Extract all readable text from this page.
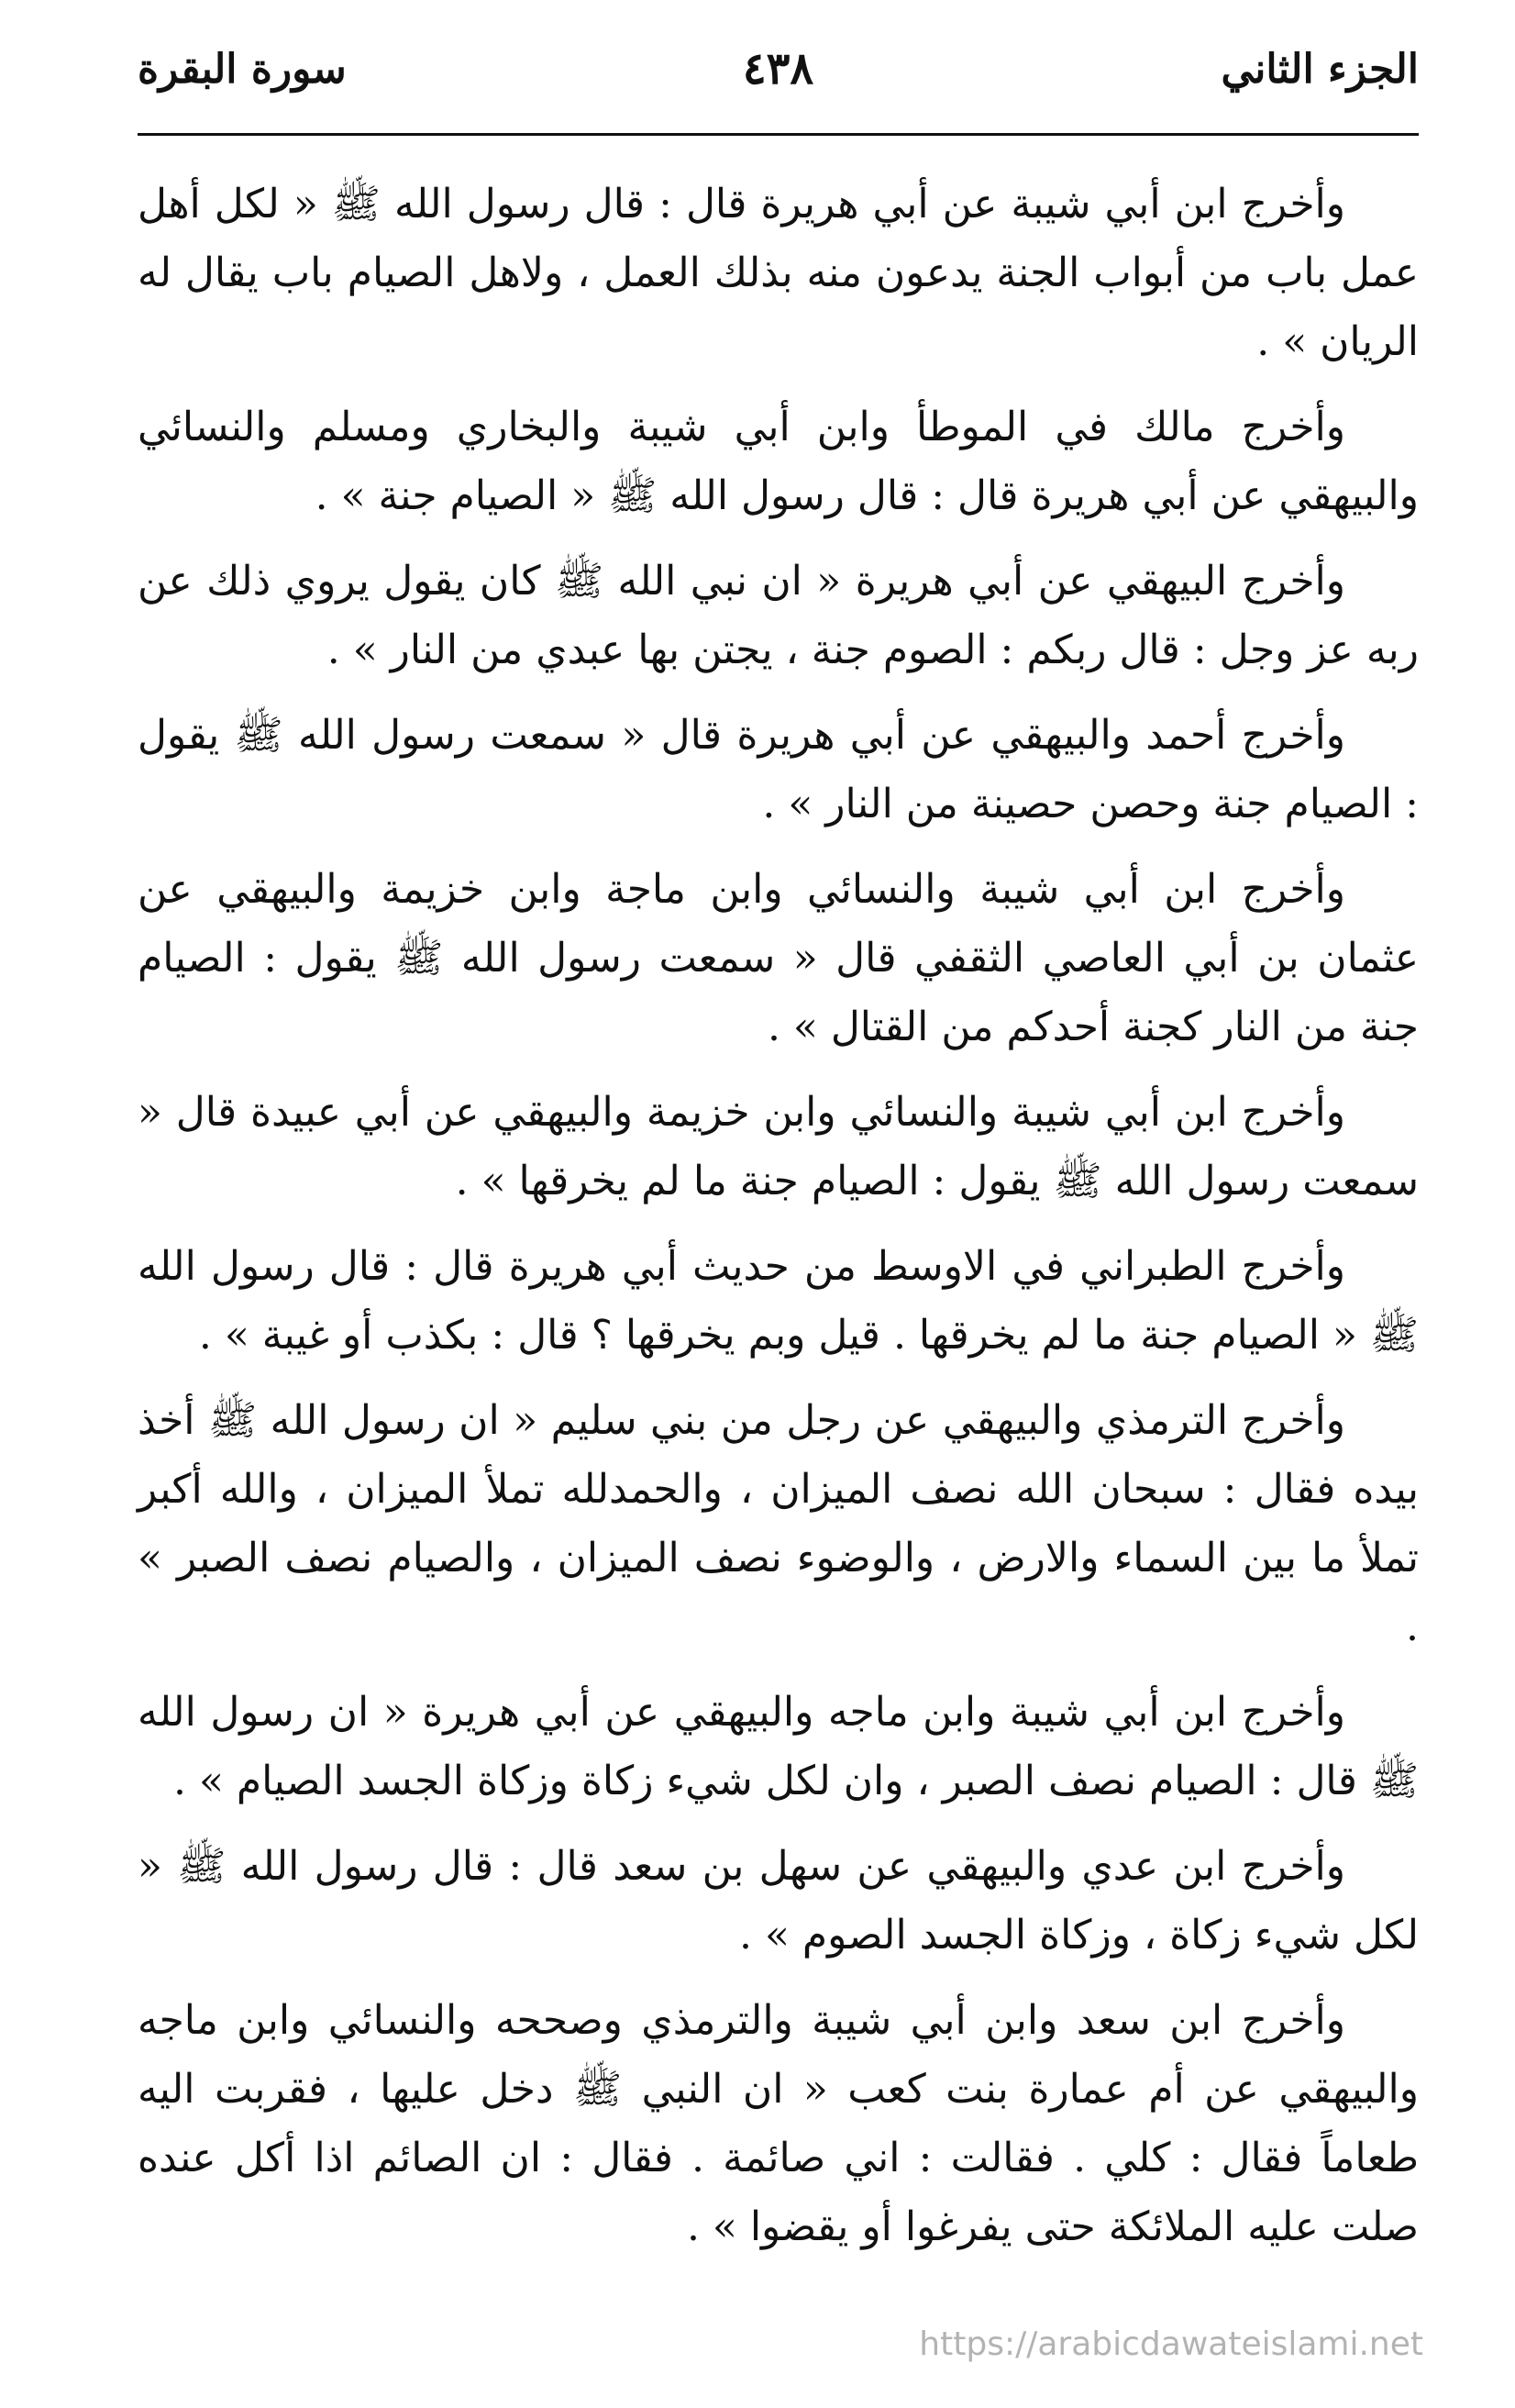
الجزء الثاني
٤٣٨
سورة البقرة

وأخرج ابن أبي شيبة عن أبي هريرة قال : قال رسول الله ﷺ « لكل أهل عمل باب من أبواب الجنة يدعون منه بذلك العمل ، ولاهل الصيام باب يقال له الريان » .

وأخرج مالك في الموطأ وابن أبي شيبة والبخاري ومسلم والنسائي والبيهقي عن أبي هريرة قال : قال رسول الله ﷺ « الصيام جنة » .

وأخرج البيهقي عن أبي هريرة « ان نبي الله ﷺ كان يقول يروي ذلك عن ربه عز وجل : قال ربكم : الصوم جنة ، يجتن بها عبدي من النار » .

وأخرج أحمد والبيهقي عن أبي هريرة قال « سمعت رسول الله ﷺ يقول : الصيام جنة وحصن حصينة من النار » .

وأخرج ابن أبي شيبة والنسائي وابن ماجة وابن خزيمة والبيهقي عن عثمان بن أبي العاصي الثقفي قال « سمعت رسول الله ﷺ يقول : الصيام جنة من النار كجنة أحدكم من القتال » .

وأخرج ابن أبي شيبة والنسائي وابن خزيمة والبيهقي عن أبي عبيدة قال « سمعت رسول الله ﷺ يقول : الصيام جنة ما لم يخرقها » .

وأخرج الطبراني في الاوسط من حديث أبي هريرة قال : قال رسول الله ﷺ « الصيام جنة ما لم يخرقها . قيل وبم يخرقها ؟ قال : بكذب أو غيبة » .

وأخرج الترمذي والبيهقي عن رجل من بني سليم « ان رسول الله ﷺ أخذ بيده فقال : سبحان الله نصف الميزان ، والحمدلله تملأ الميزان ، والله أكبر تملأ ما بين السماء والارض ، والوضوء نصف الميزان ، والصيام نصف الصبر » .

وأخرج ابن أبي شيبة وابن ماجه والبيهقي عن أبي هريرة « ان رسول الله ﷺ قال : الصيام نصف الصبر ، وان لكل شيء زكاة وزكاة الجسد الصيام » .

وأخرج ابن عدي والبيهقي عن سهل بن سعد قال : قال رسول الله ﷺ « لكل شيء زكاة ، وزكاة الجسد الصوم » .

وأخرج ابن سعد وابن أبي شيبة والترمذي وصححه والنسائي وابن ماجه والبيهقي عن أم عمارة بنت كعب « ان النبي ﷺ دخل عليها ، فقربت اليه طعاماً فقال : كلي . فقالت : اني صائمة . فقال : ان الصائم اذا أكل عنده صلت عليه الملائكة حتى يفرغوا أو يقضوا » .

https://arabicdawateislami.net
